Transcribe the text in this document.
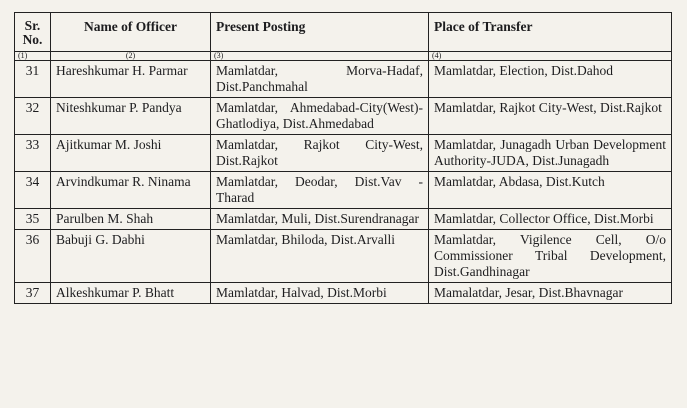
Sr. No.	Name of Officer	Present Posting	Place of Transfer
(1)	(2)	(3)	(4)
31	Hareshkumar H. Parmar	Mamlatdar, Morva-Hadaf, Dist.Panchmahal	Mamlatdar, Election, Dist.Dahod
32	Niteshkumar P. Pandya	Mamlatdar, Ahmedabad-City(West)-Ghatlodiya, Dist.Ahmedabad	Mamlatdar, Rajkot City-West, Dist.Rajkot
33	Ajitkumar M. Joshi	Mamlatdar, Rajkot City-West, Dist.Rajkot	Mamlatdar, Junagadh Urban Development Authority-JUDA, Dist.Junagadh
34	Arvindkumar R. Ninama	Mamlatdar, Deodar, Dist.Vav - Tharad	Mamlatdar, Abdasa, Dist.Kutch
35	Parulben M. Shah	Mamlatdar, Muli, Dist.Surendranagar	Mamlatdar, Collector Office, Dist.Morbi
36	Babuji G. Dabhi	Mamlatdar, Bhiloda, Dist.Arvalli	Mamlatdar, Vigilence Cell, O/o Commissioner Tribal Development, Dist.Gandhinagar
37	Alkeshkumar P. Bhatt	Mamlatdar, Halvad, Dist.Morbi	Mamalatdar, Jesar, Dist.Bhavnagar
